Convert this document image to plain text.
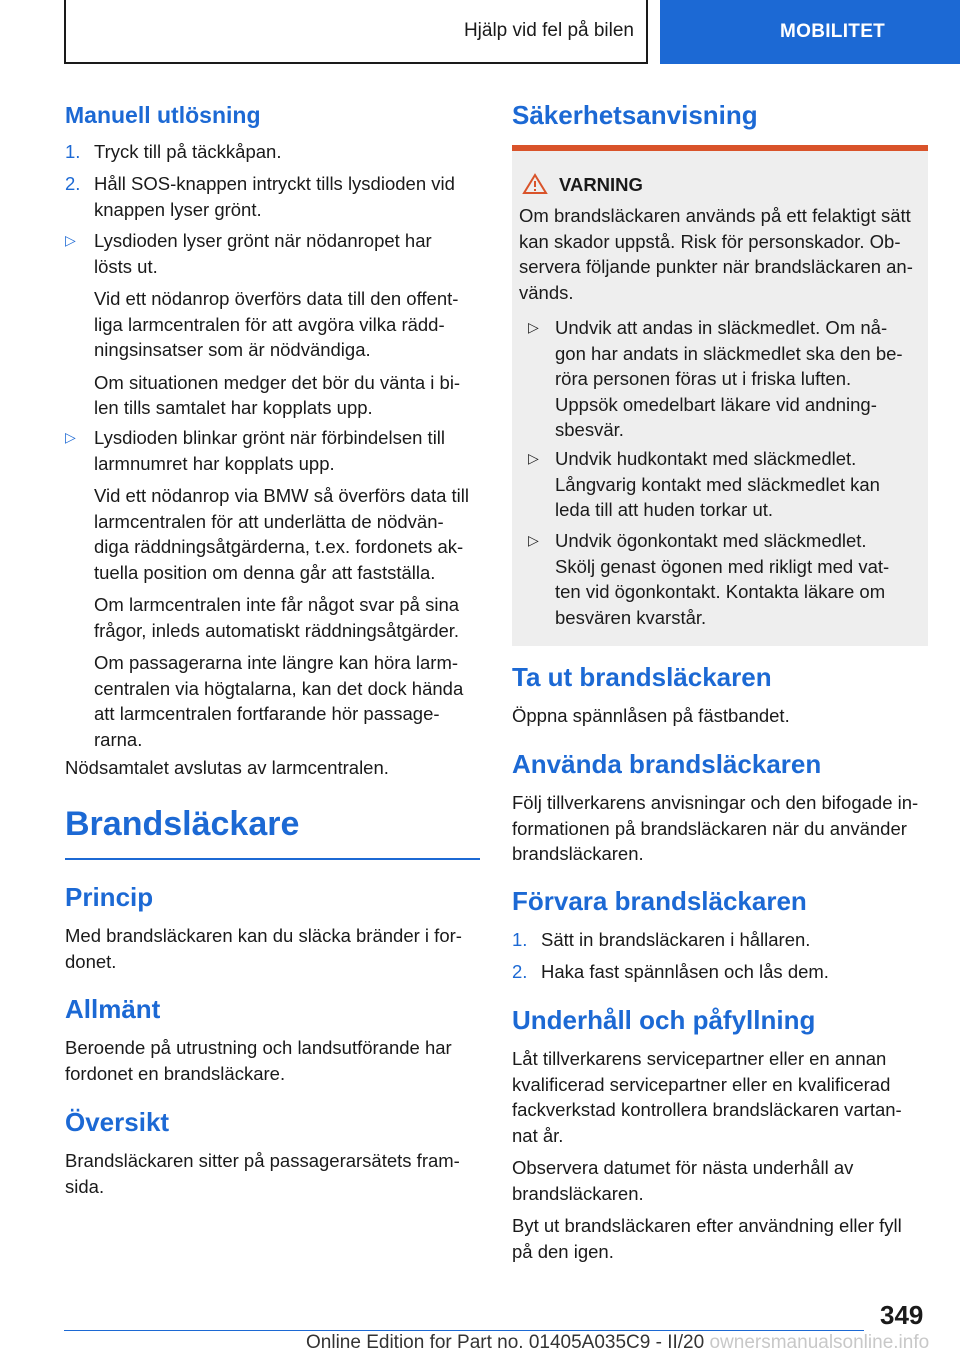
Hjälp vid fel på bilen	MOBILITET
Manuell utlösning
1. Tryck till på täckkåpan.
2. Håll SOS-knappen intryckt tills lysdioden vid
knappen lyser grönt.
▷ Lysdioden lyser grönt när nödanropet har
lösts ut.
Vid ett nödanrop överförs data till den offent-
liga larmcentralen för att avgöra vilka rädd-
ningsinsatser som är nödvändiga.
Om situationen medger det bör du vänta i bi-
len tills samtalet har kopplats upp.
▷ Lysdioden blinkar grönt när förbindelsen till
larmnumret har kopplats upp.
Vid ett nödanrop via BMW så överförs data till
larmcentralen för att underlätta de nödvän-
diga räddningsåtgärderna, t.ex. fordonets ak-
tuella position om denna går att fastställa.
Om larmcentralen inte får något svar på sina
frågor, inleds automatiskt räddningsåtgärder.
Om passagerarna inte längre kan höra larm-
centralen via högtalarna, kan det dock hända
att larmcentralen fortfarande hör passage-
rarna.
Nödsamtalet avslutas av larmcentralen.
Brandsläckare
Princip
Med brandsläckaren kan du släcka bränder i for-
donet.
Allmänt
Beroende på utrustning och landsutförande har
fordonet en brandsläckare.
Översikt
Brandsläckaren sitter på passagerarsätets fram-
sida.
Säkerhetsanvisning
VARNING
Om brandsläckaren används på ett felaktigt sätt
kan skador uppstå. Risk för personskador. Ob-
servera följande punkter när brandsläckaren an-
vänds.
▷ Undvik att andas in släckmedlet. Om nå-
gon har andats in släckmedlet ska den be-
röra personen föras ut i friska luften.
Uppsök omedelbart läkare vid andning-
sbesvär.
▷ Undvik hudkontakt med släckmedlet.
Långvarig kontakt med släckmedlet kan
leda till att huden torkar ut.
▷ Undvik ögonkontakt med släckmedlet.
Skölj genast ögonen med rikligt med vat-
ten vid ögonkontakt. Kontakta läkare om
besvären kvarstår.
Ta ut brandsläckaren
Öppna spännlåsen på fästbandet.
Använda brandsläckaren
Följ tillverkarens anvisningar och den bifogade in-
formationen på brandsläckaren när du använder
brandsläckaren.
Förvara brandsläckaren
1. Sätt in brandsläckaren i hållaren.
2. Haka fast spännlåsen och lås dem.
Underhåll och påfyllning
Låt tillverkarens servicepartner eller en annan
kvalificerad servicepartner eller en kvalificerad
fackverkstad kontrollera brandsläckaren vartan-
nat år.
Observera datumet för nästa underhåll av
brandsläckaren.
Byt ut brandsläckaren efter användning eller fyll
på den igen.
349
Online Edition for Part no. 01405A035C9 - II/20 ownersmanualsonline.info
